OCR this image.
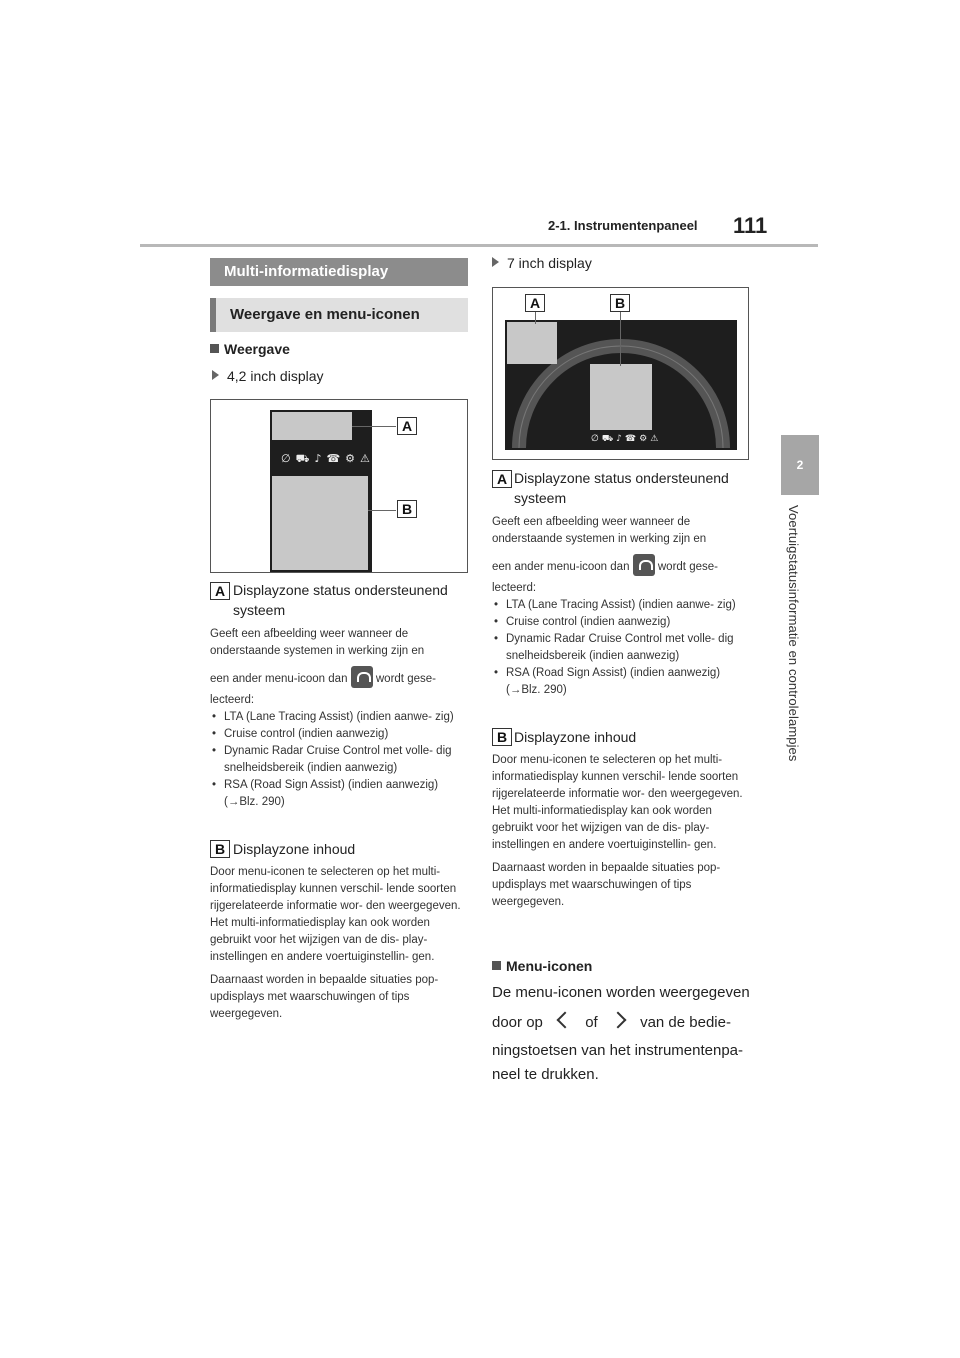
2-1. Instrumentenpaneel 111
2
Voertuigstatusinformatie en controlelampjes
Multi-informatiedisplay
Weergave en menu-iconen
Weergave
4,2 inch display
∅⛟♪☎⚙⚠
A
B
A Displayzone status ondersteunend systeem
Geeft een afbeelding weer wanneer de onderstaande systemen in werking zijn en
een ander menu-icoon dan wordt gese-
lecteerd:
• LTA (Lane Tracing Assist) (indien aanwe- zig)
• Cruise control (indien aanwezig)
• Dynamic Radar Cruise Control met volle- dig snelheidsbereik (indien aanwezig)
• RSA (Road Sign Assist) (indien aanwezig) (→Blz. 290)
B Displayzone inhoud
Door menu-iconen te selecteren op het multi-informatiedisplay kunnen verschil- lende soorten rijgerelateerde informatie wor- den weergegeven. Het multi-informatiedisplay kan ook worden gebruikt voor het wijzigen van de dis- play-instellingen en andere voertuiginstellin- gen.
Daarnaast worden in bepaalde situaties pop-updisplays met waarschuwingen of tips weergegeven.
7 inch display
∅⛟♪☎⚙⚠
A	B
A Displayzone status ondersteunend systeem
Geeft een afbeelding weer wanneer de onderstaande systemen in werking zijn en
een ander menu-icoon dan wordt gese-
lecteerd:
• LTA (Lane Tracing Assist) (indien aanwe- zig)
• Cruise control (indien aanwezig)
• Dynamic Radar Cruise Control met volle- dig snelheidsbereik (indien aanwezig)
• RSA (Road Sign Assist) (indien aanwezig) (→Blz. 290)
B Displayzone inhoud
Door menu-iconen te selecteren op het multi-informatiedisplay kunnen verschil- lende soorten rijgerelateerde informatie wor- den weergegeven. Het multi-informatiedisplay kan ook worden gebruikt voor het wijzigen van de dis- play-instellingen en andere voertuiginstellin- gen.
Daarnaast worden in bepaalde situaties pop-updisplays met waarschuwingen of tips weergegeven.
Menu-iconen
De menu-iconen worden weergegeven
door op	of	van de bedie-
ningstoetsen van het instrumentenpa- neel te drukken.
